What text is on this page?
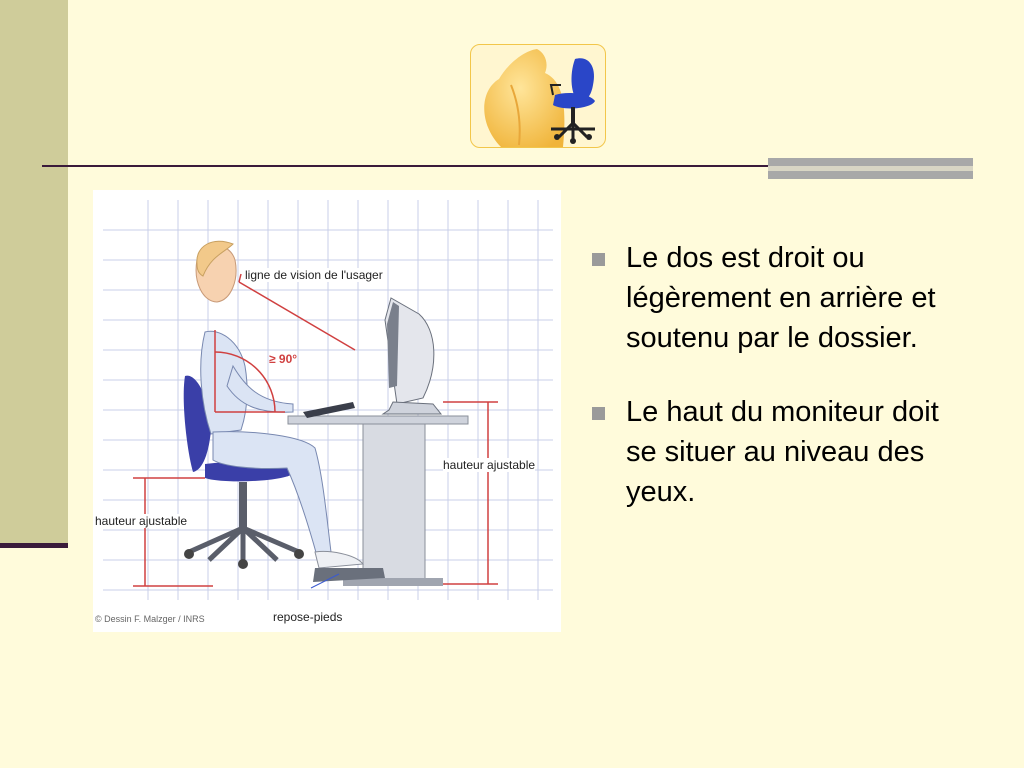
ligne de vision de l'usager
≥ 90°
hauteur ajustable
hauteur ajustable
repose-pieds
© Dessin F. Malzger / INRS
Le dos est droit ou légèrement en arrière et soutenu par le dossier.
Le haut du moniteur doit se situer au niveau des yeux.
